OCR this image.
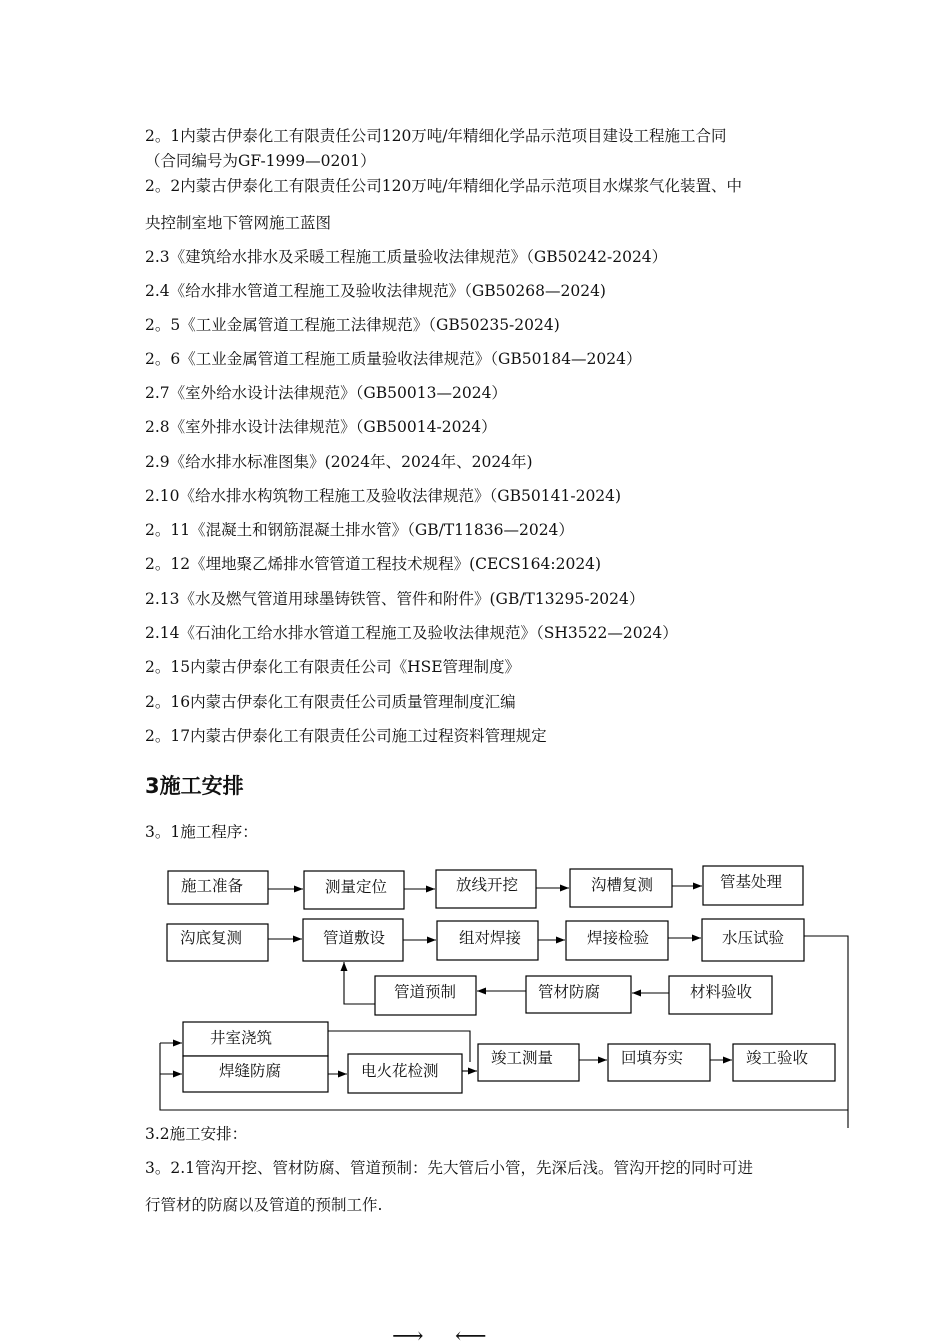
2。1内蒙古伊泰化工有限责任公司120万吨/年精细化学品示范项目建设工程施工合同
（合同编号为GF-1999—0201）
2。2内蒙古伊泰化工有限责任公司120万吨/年精细化学品示范项目水煤浆气化装置、中
央控制室地下管网施工蓝图
2.3《建筑给水排水及采暖工程施工质量验收法律规范》（GB50242-2024）
2.4《给水排水管道工程施工及验收法律规范》（GB50268—2024)
2。5《工业金属管道工程施工法律规范》（GB50235-2024)
2。6《工业金属管道工程施工质量验收法律规范》（GB50184—2024）
2.7《室外给水设计法律规范》（GB50013—2024）
2.8《室外排水设计法律规范》（GB50014-2024）
2.9《给水排水标准图集》(2024年、2024年、2024年)
2.10《给水排水构筑物工程施工及验收法律规范》（GB50141-2024)
2。11《混凝土和钢筋混凝土排水管》（GB/T11836—2024）
2。12《埋地聚乙烯排水管管道工程技术规程》(CECS164:2024)
2.13《水及燃气管道用球墨铸铁管、管件和附件》(GB/T13295-2024）
2.14《石油化工给水排水管道工程施工及验收法律规范》（SH3522—2024）
2。15内蒙古伊泰化工有限责任公司《HSE管理制度》
2。16内蒙古伊泰化工有限责任公司质量管理制度汇编
2。17内蒙古伊泰化工有限责任公司施工过程资料管理规定
3施工安排
3。1施工程序：
施工准备	测量定位	放线开挖	沟槽复测	管基处理
沟底复测	管道敷设	组对焊接	焊接检验	水压试验
管道预制	管材防腐	材料验收
井室浇筑
焊缝防腐	电火花检测
竣工测量	回填夯实	竣工验收
3.2施工安排：
3。2.1管沟开挖、管材防腐、管道预制：先大管后小管，先深后浅。管沟开挖的同时可进
行管材的防腐以及管道的预制工作.
⟶ ⟵
